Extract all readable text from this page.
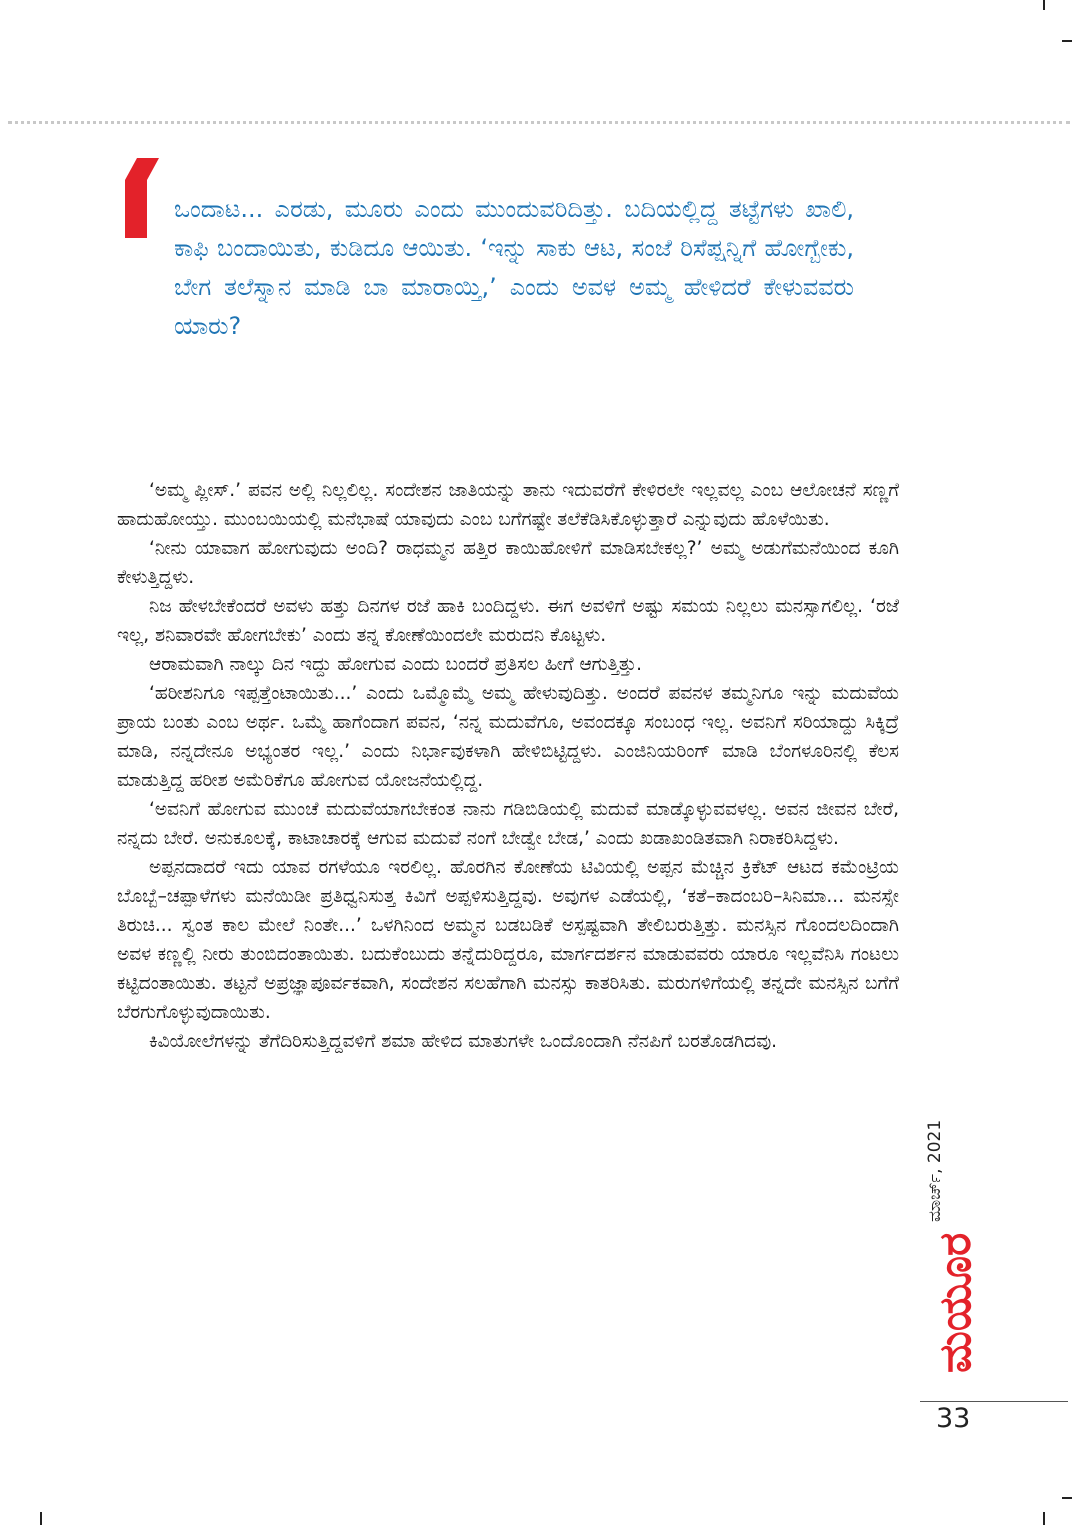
ಒಂದಾಟ... ಎರಡು, ಮೂರು ಎಂದು ಮುಂದುವರಿದಿತ್ತು. ಬದಿಯಲ್ಲಿದ್ದ ತಟ್ಟೆಗಳು ಖಾಲಿ, ಕಾಫಿ ಬಂದಾಯಿತು, ಕುಡಿದೂ ಆಯಿತು. ‘ಇನ್ನು ಸಾಕು ಆಟ, ಸಂಜೆ ರಿಸೆಪ್ಷನ್ನಿಗೆ ಹೋಗ್ಬೇಕು, ಬೇಗ ತಲೆಸ್ನಾನ ಮಾಡಿ ಬಾ ಮಾರಾಯ್ತಿ,’ ಎಂದು ಅವಳ ಅಮ್ಮ ಹೇಳಿದರೆ ಕೇಳುವವರು ಯಾರು?

‘ಅಮ್ಮ ಪ್ಲೀಸ್.’ ಪವನ ಅಲ್ಲಿ ನಿಲ್ಲಲಿಲ್ಲ. ಸಂದೇಶನ ಜಾತಿಯನ್ನು ತಾನು ಇದುವರೆಗೆ ಕೇಳಿರಲೇ ಇಲ್ಲವಲ್ಲ ಎಂಬ ಆಲೋಚನೆ ಸಣ್ಣಗೆ ಹಾದುಹೋಯ್ತು. ಮುಂಬಯಿಯಲ್ಲಿ ಮನೆಭಾಷೆ ಯಾವುದು ಎಂಬ ಬಗೆಗಷ್ಟೇ ತಲೆಕೆಡಿಸಿಕೊಳ್ಳುತ್ತಾರೆ ಎನ್ನುವುದು ಹೊಳೆಯಿತು.

‘ನೀನು ಯಾವಾಗ ಹೋಗುವುದು ಅಂದಿ? ರಾಧಮ್ಮನ ಹತ್ತಿರ ಕಾಯಿಹೋಳಿಗೆ ಮಾಡಿಸಬೇಕಲ್ಲ?’ ಅಮ್ಮ ಅಡುಗೆಮನೆಯಿಂದ ಕೂಗಿ ಕೇಳುತ್ತಿದ್ದಳು.

ನಿಜ ಹೇಳಬೇಕೆಂದರೆ ಅವಳು ಹತ್ತು ದಿನಗಳ ರಜೆ ಹಾಕಿ ಬಂದಿದ್ದಳು. ಈಗ ಅವಳಿಗೆ ಅಷ್ಟು ಸಮಯ ನಿಲ್ಲಲು ಮನಸ್ಸಾಗಲಿಲ್ಲ. ‘ರಜೆ ಇಲ್ಲ, ಶನಿವಾರವೇ ಹೋಗಬೇಕು’ ಎಂದು ತನ್ನ ಕೋಣೆಯಿಂದಲೇ ಮರುದನಿ ಕೊಟ್ಟಳು.

ಆರಾಮವಾಗಿ ನಾಲ್ಕು ದಿನ ಇದ್ದು ಹೋಗುವ ಎಂದು ಬಂದರೆ ಪ್ರತಿಸಲ ಹೀಗೆ ಆಗುತ್ತಿತ್ತು.

‘ಹರೀಶನಿಗೂ ಇಪ್ಪತ್ತೆಂಟಾಯಿತು...’ ಎಂದು ಒಮ್ಮೊಮ್ಮೆ ಅಮ್ಮ ಹೇಳುವುದಿತ್ತು. ಅಂದರೆ ಪವನಳ ತಮ್ಮನಿಗೂ ಇನ್ನು ಮದುವೆಯ ಪ್ರಾಯ ಬಂತು ಎಂಬ ಅರ್ಥ. ಒಮ್ಮೆ ಹಾಗೆಂದಾಗ ಪವನ, ‘ನನ್ನ ಮದುವೆಗೂ, ಅವಂದಕ್ಕೂ ಸಂಬಂಧ ಇಲ್ಲ. ಅವನಿಗೆ ಸರಿಯಾದ್ದು ಸಿಕ್ಕಿದ್ರೆ ಮಾಡಿ, ನನ್ನದೇನೂ ಅಭ್ಯಂತರ ಇಲ್ಲ.’ ಎಂದು ನಿರ್ಭಾವುಕಳಾಗಿ ಹೇಳಿಬಿಟ್ಟಿದ್ದಳು. ಎಂಜಿನಿಯರಿಂಗ್ ಮಾಡಿ ಬೆಂಗಳೂರಿನಲ್ಲಿ ಕೆಲಸ ಮಾಡುತ್ತಿದ್ದ ಹರೀಶ ಅಮೆರಿಕೆಗೂ ಹೋಗುವ ಯೋಜನೆಯಲ್ಲಿದ್ದ.

‘ಅವನಿಗೆ ಹೋಗುವ ಮುಂಚೆ ಮದುವೆಯಾಗಬೇಕಂತ ನಾನು ಗಡಿಬಿಡಿಯಲ್ಲಿ ಮದುವೆ ಮಾಡ್ಕೊಳ್ಳುವವಳಲ್ಲ. ಅವನ ಜೀವನ ಬೇರೆ, ನನ್ನದು ಬೇರೆ. ಅನುಕೂಲಕ್ಕೆ, ಕಾಟಾಚಾರಕ್ಕೆ ಆಗುವ ಮದುವೆ ನಂಗೆ ಬೇಡ್ವೇ ಬೇಡ,’ ಎಂದು ಖಡಾಖಂಡಿತವಾಗಿ ನಿರಾಕರಿಸಿದ್ದಳು.

ಅಪ್ಪನದಾದರೆ ಇದು ಯಾವ ರಗಳೆಯೂ ಇರಲಿಲ್ಲ. ಹೊರಗಿನ ಕೋಣೆಯ ಟಿವಿಯಲ್ಲಿ ಅಪ್ಪನ ಮೆಚ್ಚಿನ ಕ್ರಿಕೆಟ್ ಆಟದ ಕಮೆಂಟ್ರಿಯ ಬೊಬ್ಬೆ–ಚಪ್ಪಾಳೆಗಳು ಮನೆಯಿಡೀ ಪ್ರತಿಧ್ವನಿಸುತ್ತ ಕಿವಿಗೆ ಅಪ್ಪಳಿಸುತ್ತಿದ್ದವು. ಅವುಗಳ ಎಡೆಯಲ್ಲಿ, ‘ಕತೆ–ಕಾದಂಬರಿ–ಸಿನಿಮಾ... ಮನಸ್ಸೇ ತಿರುಚಿ... ಸ್ವಂತ ಕಾಲ ಮೇಲೆ ನಿಂತೇ...’ ಒಳಗಿನಿಂದ ಅಮ್ಮನ ಬಡಬಡಿಕೆ ಅಸ್ಪಷ್ಟವಾಗಿ ತೇಲಿಬರುತ್ತಿತ್ತು. ಮನಸ್ಸಿನ ಗೊಂದಲದಿಂದಾಗಿ ಅವಳ ಕಣ್ಣಲ್ಲಿ ನೀರು ತುಂಬಿದಂತಾಯಿತು. ಬದುಕೆಂಬುದು ತನ್ನೆದುರಿದ್ದರೂ, ಮಾರ್ಗದರ್ಶನ ಮಾಡುವವರು ಯಾರೂ ಇಲ್ಲವೆನಿಸಿ ಗಂಟಲು ಕಟ್ಟಿದಂತಾಯಿತು. ತಟ್ಟನೆ ಅಪ್ರಜ್ಞಾಪೂರ್ವಕವಾಗಿ, ಸಂದೇಶನ ಸಲಹೆಗಾಗಿ ಮನಸ್ಸು ಕಾತರಿಸಿತು. ಮರುಗಳಿಗೆಯಲ್ಲಿ ತನ್ನದೇ ಮನಸ್ಸಿನ ಬಗೆಗೆ ಬೆರಗುಗೊಳ್ಳುವುದಾಯಿತು.

ಕಿವಿಯೋಲೆಗಳನ್ನು ತೆಗೆದಿರಿಸುತ್ತಿದ್ದವಳಿಗೆ ಶಮಾ ಹೇಳಿದ ಮಾತುಗಳೇ ಒಂದೊಂದಾಗಿ ನೆನಪಿಗೆ ಬರತೊಡಗಿದವು.

ಮಾರ್ಚ್, 2021
ಮಯೂರ
33
